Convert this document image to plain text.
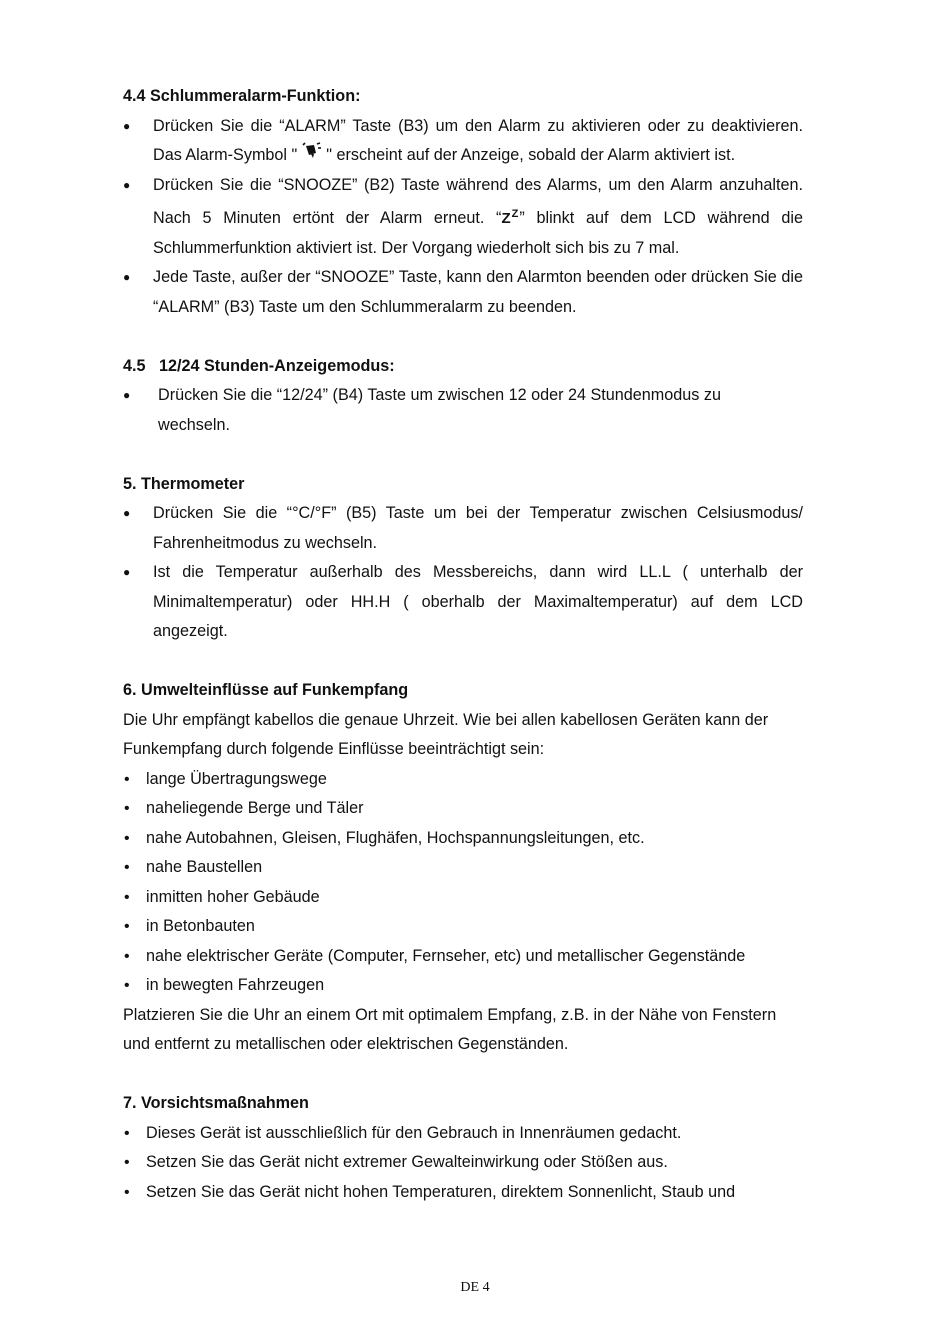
4.4 Schlummeralarm-Funktion:
● Drücken Sie die “ALARM” Taste (B3) um den Alarm zu aktivieren oder zu deaktivieren. Das Alarm-Symbol " " erscheint auf der Anzeige, sobald der Alarm aktiviert ist.
● Drücken Sie die “SNOOZE” (B2) Taste während des Alarms, um den Alarm anzuhalten. Nach 5 Minuten ertönt der Alarm erneut. “$Z^Z$” blinkt auf dem LCD während die Schlummerfunktion aktiviert ist. Der Vorgang wiederholt sich bis zu 7 mal.
● Jede Taste, außer der “SNOOZE” Taste, kann den Alarmton beenden oder drücken Sie die “ALARM” (B3) Taste um den Schlummeralarm zu beenden.
4.5   12/24 Stunden-Anzeigemodus:
● Drücken Sie die “12/24” (B4) Taste um zwischen 12 oder 24 Stundenmodus zu wechseln.
5. Thermometer
● Drücken Sie die “°C/°F” (B5) Taste um bei der Temperatur zwischen Celsiusmodus/ Fahrenheitmodus zu wechseln.
● Ist die Temperatur außerhalb des Messbereichs, dann wird LL.L ( unterhalb der Minimaltemperatur) oder HH.H ( oberhalb der Maximaltemperatur) auf dem LCD angezeigt.
6. Umwelteinflüsse auf Funkempfang

Die Uhr empfängt kabellos die genaue Uhrzeit. Wie bei allen kabellosen Geräten kann der Funkempfang durch folgende Einflüsse beeinträchtigt sein:

• lange Übertragungswege
• naheliegende Berge und Täler
• nahe Autobahnen, Gleisen, Flughäfen, Hochspannungsleitungen, etc.
• nahe Baustellen
• inmitten hoher Gebäude
• in Betonbauten
• nahe elektrischer Geräte (Computer, Fernseher, etc) und metallischer Gegenstände
• in bewegten Fahrzeugen

Platzieren Sie die Uhr an einem Ort mit optimalem Empfang, z.B. in der Nähe von Fenstern und entfernt zu metallischen oder elektrischen Gegenständen.

7. Vorsichtsmaßnahmen
• Dieses Gerät ist ausschließlich für den Gebrauch in Innenräumen gedacht.
• Setzen Sie das Gerät nicht extremer Gewalteinwirkung oder Stößen aus.
• Setzen Sie das Gerät nicht hohen Temperaturen, direktem Sonnenlicht, Staub und
DE 4
